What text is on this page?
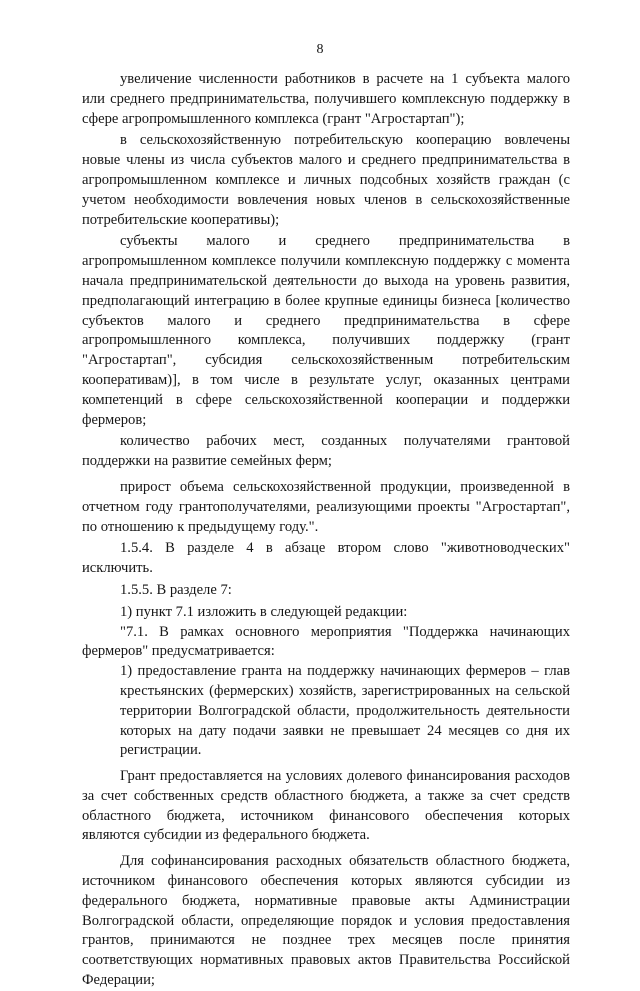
8

увеличение численности работников в расчете на 1 субъекта малого или среднего предпринимательства, получившего комплексную поддержку в сфере агропромышленного комплекса (грант "Агростартап");

в сельскохозяйственную потребительскую кооперацию вовлечены новые члены из числа субъектов малого и среднего предпринимательства в агропромышленном комплексе и личных подсобных хозяйств граждан (с учетом необходимости вовлечения новых членов в сельскохозяйственные потребительские кооперативы);

субъекты малого и среднего предпринимательства в агропромышленном комплексе получили комплексную поддержку с момента начала предпринимательской деятельности до выхода на уровень развития, предполагающий интеграцию в более крупные единицы бизнеса [количество субъектов малого и среднего предпринимательства в сфере агропромышленного комплекса, получивших поддержку (грант "Агростартап", субсидия сельскохозяйственным потребительским кооперативам)], в том числе в результате услуг, оказанных центрами компетенций в сфере сельскохозяйственной кооперации и поддержки фермеров;

количество рабочих мест, созданных получателями грантовой поддержки на развитие семейных ферм;

прирост объема сельскохозяйственной продукции, произведенной в отчетном году грантополучателями, реализующими проекты "Агростартап", по отношению к предыдущему году.".

1.5.4. В разделе 4 в абзаце втором слово "животноводческих" исключить.

1.5.5. В разделе 7:

1) пункт 7.1 изложить в следующей редакции:

"7.1. В рамках основного мероприятия "Поддержка начинающих фермеров" предусматривается:

1) предоставление гранта на поддержку начинающих фермеров – глав крестьянских (фермерских) хозяйств, зарегистрированных на сельской территории Волгоградской области, продолжительность деятельности которых на дату подачи заявки не превышает 24 месяцев со дня их регистрации.

Грант предоставляется на условиях долевого финансирования расходов за счет собственных средств областного бюджета, а также за счет средств областного бюджета, источником финансового обеспечения которых являются субсидии из федерального бюджета.

Для софинансирования расходных обязательств областного бюджета, источником финансового обеспечения которых являются субсидии из федерального бюджета, нормативные правовые акты Администрации Волгоградской области, определяющие порядок и условия предоставления грантов, принимаются не позднее трех месяцев после принятия соответствующих нормативных правовых актов Правительства Российской Федерации;
